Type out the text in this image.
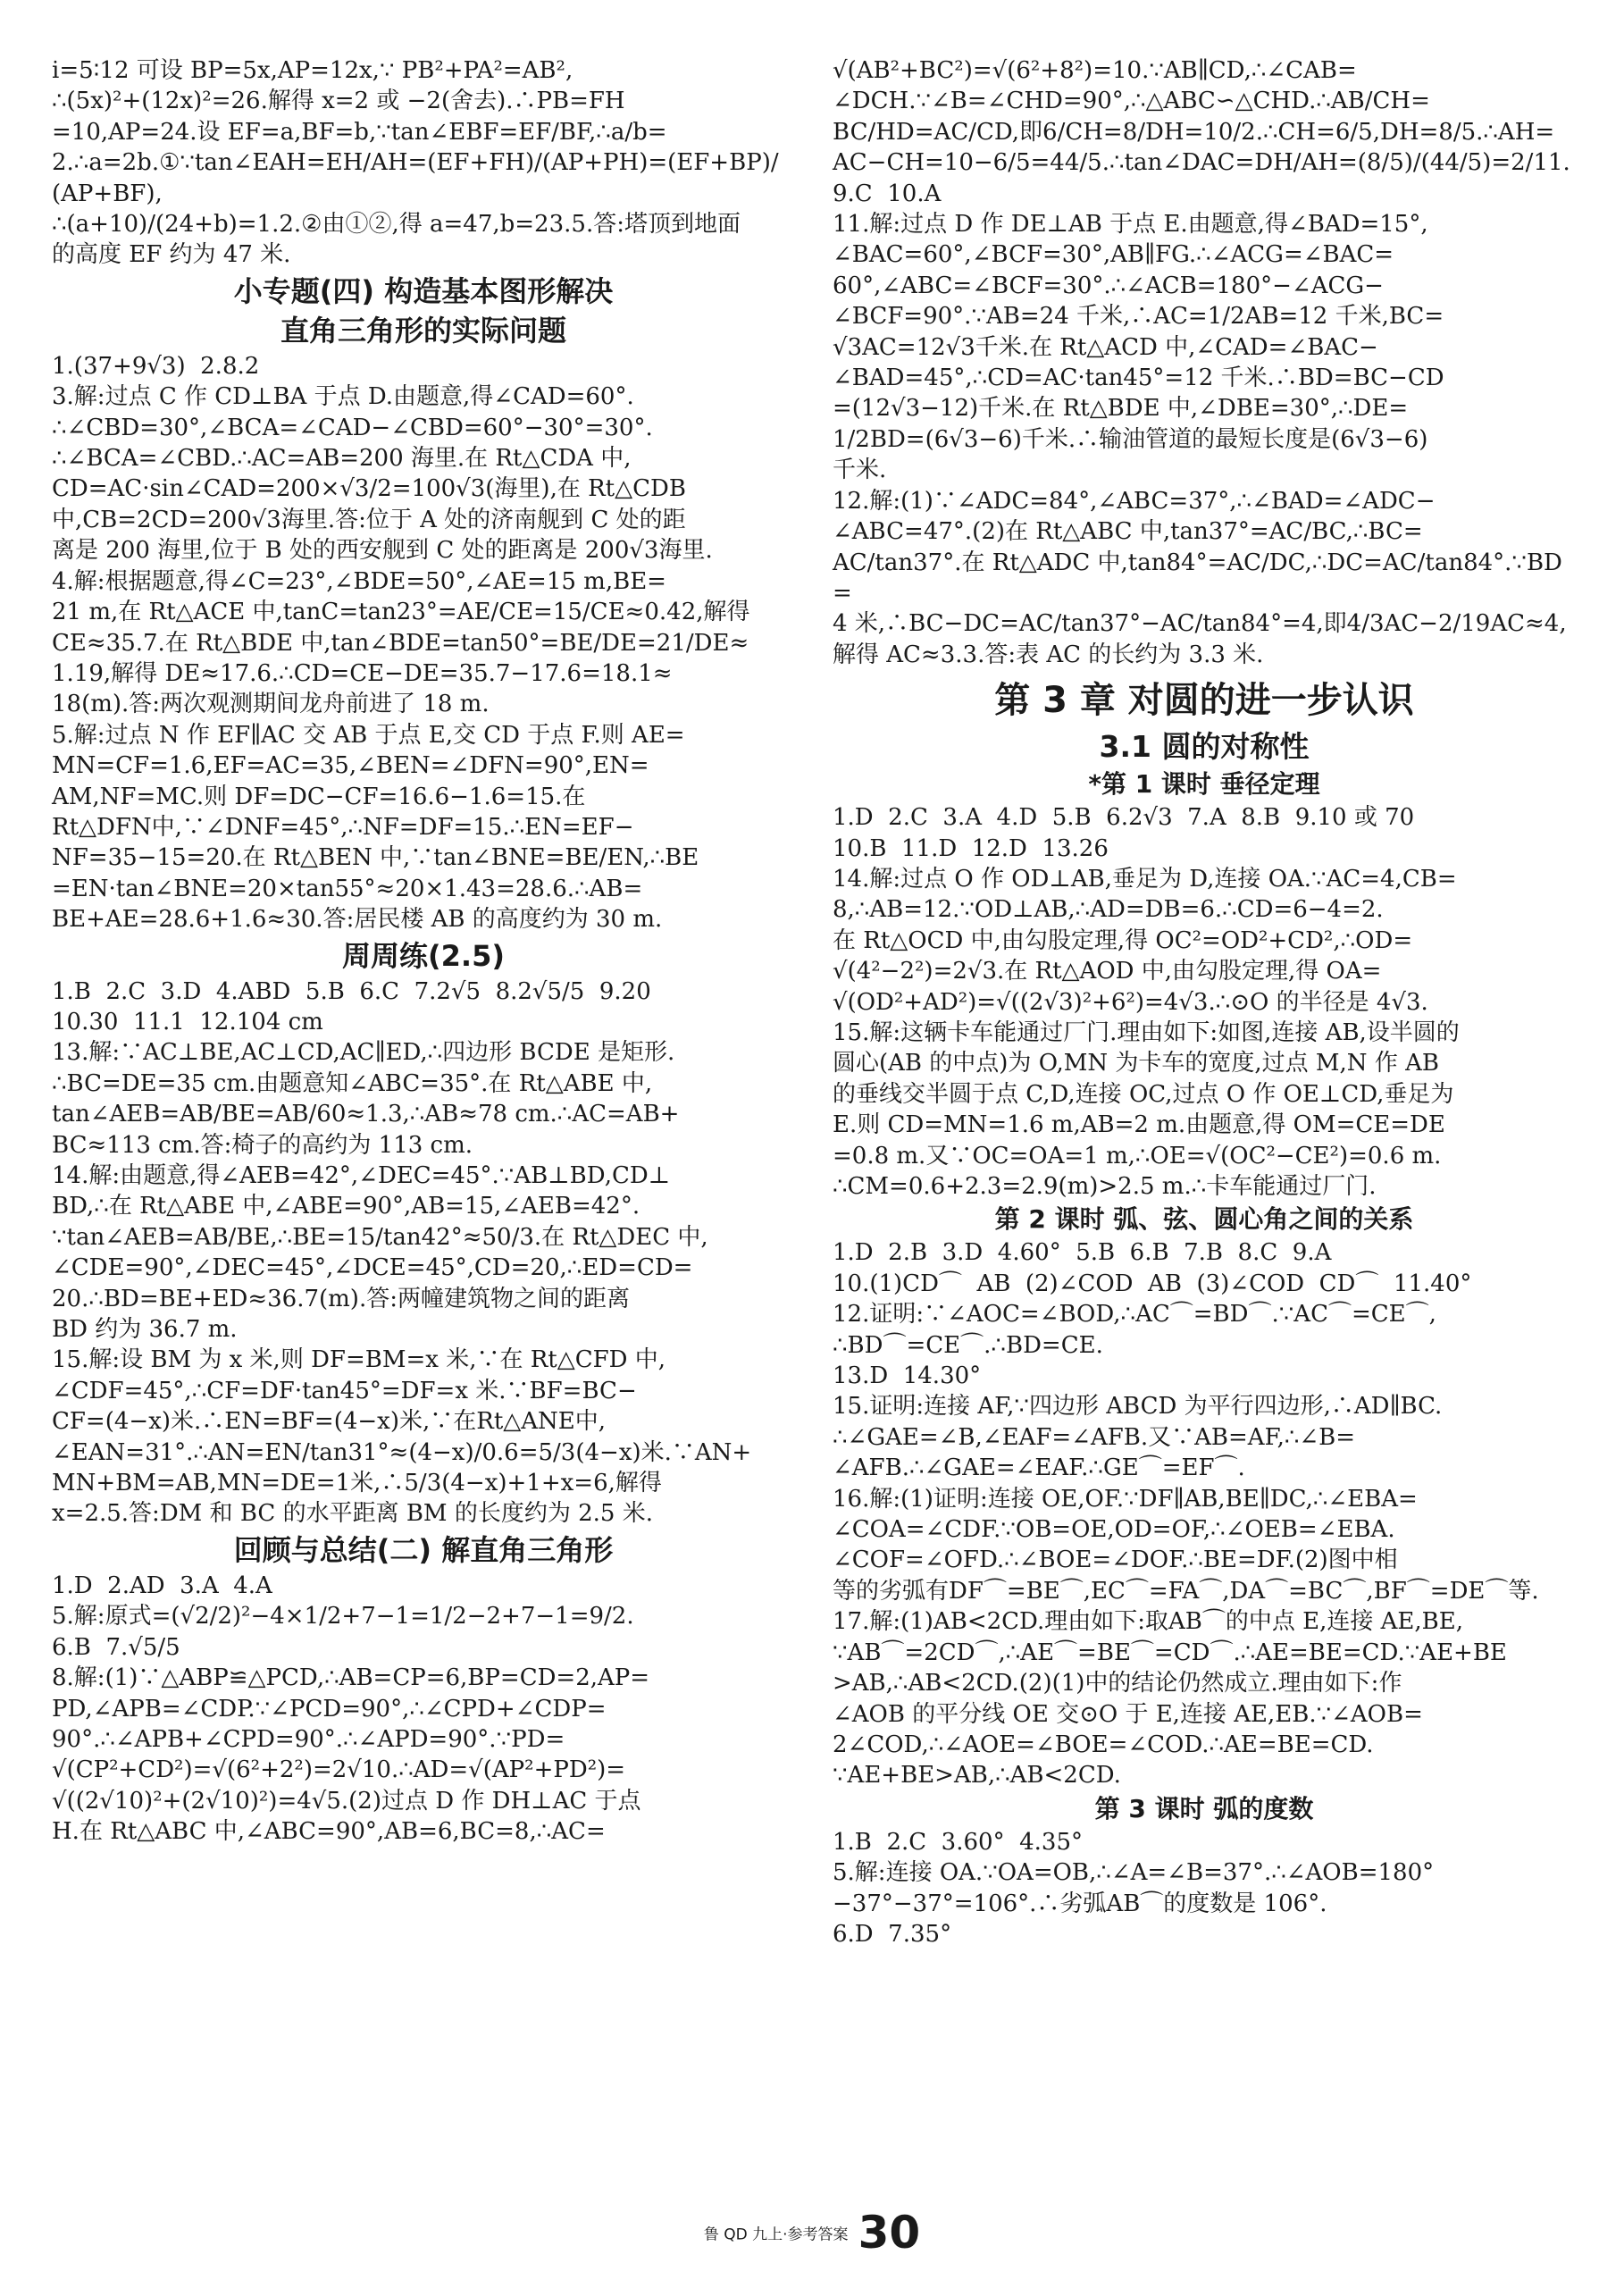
i=5∶12 可设 BP=5x,AP=12x,∵ PB²+PA²=AB²,
∴(5x)²+(12x)²=26.解得 x=2 或 −2(舍去).∴PB=FH
=10,AP=24.设 EF=a,BF=b,∵tan∠EBF=EF/BF,∴a/b=
2.∴a=2b.①∵tan∠EAH=EH/AH=(EF+FH)/(AP+PH)=(EF+BP)/(AP+BF),
∴(a+10)/(24+b)=1.2.②由①②,得 a=47,b=23.5.答:塔顶到地面
的高度 EF 约为 47 米.
小专题(四) 构造基本图形解决
直角三角形的实际问题
1.(37+9√3)  2.8.2
3.解:过点 C 作 CD⊥BA 于点 D.由题意,得∠CAD=60°.
∴∠CBD=30°,∠BCA=∠CAD−∠CBD=60°−30°=30°.
∴∠BCA=∠CBD.∴AC=AB=200 海里.在 Rt△CDA 中,
CD=AC·sin∠CAD=200×√3/2=100√3(海里),在 Rt△CDB
中,CB=2CD=200√3海里.答:位于 A 处的济南舰到 C 处的距
离是 200 海里,位于 B 处的西安舰到 C 处的距离是 200√3海里.
4.解:根据题意,得∠C=23°,∠BDE=50°,∠AE=15 m,BE=
21 m,在 Rt△ACE 中,tanC=tan23°=AE/CE=15/CE≈0.42,解得
CE≈35.7.在 Rt△BDE 中,tan∠BDE=tan50°=BE/DE=21/DE≈
1.19,解得 DE≈17.6.∴CD=CE−DE=35.7−17.6=18.1≈
18(m).答:两次观测期间龙舟前进了 18 m.
5.解:过点 N 作 EF∥AC 交 AB 于点 E,交 CD 于点 F.则 AE=
MN=CF=1.6,EF=AC=35,∠BEN=∠DFN=90°,EN=
AM,NF=MC.则 DF=DC−CF=16.6−1.6=15.在
Rt△DFN中,∵∠DNF=45°,∴NF=DF=15.∴EN=EF−
NF=35−15=20.在 Rt△BEN 中,∵tan∠BNE=BE/EN,∴BE
=EN·tan∠BNE=20×tan55°≈20×1.43=28.6.∴AB=
BE+AE=28.6+1.6≈30.答:居民楼 AB 的高度约为 30 m.
周周练(2.5)
1.B  2.C  3.D  4.ABD  5.B  6.C  7.2√5  8.2√5/5  9.20
10.30  11.1  12.104 cm
13.解:∵AC⊥BE,AC⊥CD,AC∥ED,∴四边形 BCDE 是矩形.
∴BC=DE=35 cm.由题意知∠ABC=35°.在 Rt△ABE 中,
tan∠AEB=AB/BE=AB/60≈1.3,∴AB≈78 cm.∴AC=AB+
BC≈113 cm.答:椅子的高约为 113 cm.
14.解:由题意,得∠AEB=42°,∠DEC=45°.∵AB⊥BD,CD⊥
BD,∴在 Rt△ABE 中,∠ABE=90°,AB=15,∠AEB=42°.
∵tan∠AEB=AB/BE,∴BE=15/tan42°≈50/3.在 Rt△DEC 中,
∠CDE=90°,∠DEC=45°,∠DCE=45°,CD=20,∴ED=CD=
20.∴BD=BE+ED≈36.7(m).答:两幢建筑物之间的距离
BD 约为 36.7 m.
15.解:设 BM 为 x 米,则 DF=BM=x 米,∵在 Rt△CFD 中,
∠CDF=45°,∴CF=DF·tan45°=DF=x 米.∵BF=BC−
CF=(4−x)米.∴EN=BF=(4−x)米,∵在Rt△ANE中,
∠EAN=31°.∴AN=EN/tan31°≈(4−x)/0.6=5/3(4−x)米.∵AN+
MN+BM=AB,MN=DE=1米,∴5/3(4−x)+1+x=6,解得
x=2.5.答:DM 和 BC 的水平距离 BM 的长度约为 2.5 米.
回顾与总结(二) 解直角三角形
1.D  2.AD  3.A  4.A
5.解:原式=(√2/2)²−4×1/2+7−1=1/2−2+7−1=9/2.
6.B  7.√5/5
8.解:(1)∵△ABP≌△PCD,∴AB=CP=6,BP=CD=2,AP=
PD,∠APB=∠CDP.∵∠PCD=90°,∴∠CPD+∠CDP=
90°.∴∠APB+∠CPD=90°.∴∠APD=90°.∵PD=
√(CP²+CD²)=√(6²+2²)=2√10.∴AD=√(AP²+PD²)=
√((2√10)²+(2√10)²)=4√5.(2)过点 D 作 DH⊥AC 于点
H.在 Rt△ABC 中,∠ABC=90°,AB=6,BC=8,∴AC=
√(AB²+BC²)=√(6²+8²)=10.∵AB∥CD,∴∠CAB=
∠DCH.∵∠B=∠CHD=90°,∴△ABC∽△CHD.∴AB/CH=
BC/HD=AC/CD,即6/CH=8/DH=10/2.∴CH=6/5,DH=8/5.∴AH=
AC−CH=10−6/5=44/5.∴tan∠DAC=DH/AH=(8/5)/(44/5)=2/11.
9.C  10.A
11.解:过点 D 作 DE⊥AB 于点 E.由题意,得∠BAD=15°,
∠BAC=60°,∠BCF=30°,AB∥FG.∴∠ACG=∠BAC=
60°,∠ABC=∠BCF=30°.∴∠ACB=180°−∠ACG−
∠BCF=90°.∵AB=24 千米,∴AC=1/2AB=12 千米,BC=
√3AC=12√3千米.在 Rt△ACD 中,∠CAD=∠BAC−
∠BAD=45°,∴CD=AC·tan45°=12 千米.∴BD=BC−CD
=(12√3−12)千米.在 Rt△BDE 中,∠DBE=30°,∴DE=
1/2BD=(6√3−6)千米.∴输油管道的最短长度是(6√3−6)
千米.
12.解:(1)∵∠ADC=84°,∠ABC=37°,∴∠BAD=∠ADC−
∠ABC=47°.(2)在 Rt△ABC 中,tan37°=AC/BC,∴BC=
AC/tan37°.在 Rt△ADC 中,tan84°=AC/DC,∴DC=AC/tan84°.∵BD=
4 米,∴BC−DC=AC/tan37°−AC/tan84°=4,即4/3AC−2/19AC≈4,
解得 AC≈3.3.答:表 AC 的长约为 3.3 米.
第 3 章 对圆的进一步认识
3.1 圆的对称性
*第 1 课时 垂径定理
1.D  2.C  3.A  4.D  5.B  6.2√3  7.A  8.B  9.10 或 70
10.B  11.D  12.D  13.26
14.解:过点 O 作 OD⊥AB,垂足为 D,连接 OA.∵AC=4,CB=
8,∴AB=12.∵OD⊥AB,∴AD=DB=6.∴CD=6−4=2.
在 Rt△OCD 中,由勾股定理,得 OC²=OD²+CD²,∴OD=
√(4²−2²)=2√3.在 Rt△AOD 中,由勾股定理,得 OA=
√(OD²+AD²)=√((2√3)²+6²)=4√3.∴⊙O 的半径是 4√3.
15.解:这辆卡车能通过厂门.理由如下:如图,连接 AB,设半圆的
圆心(AB 的中点)为 O,MN 为卡车的宽度,过点 M,N 作 AB
的垂线交半圆于点 C,D,连接 OC,过点 O 作 OE⊥CD,垂足为
E.则 CD=MN=1.6 m,AB=2 m.由题意,得 OM=CE=DE
=0.8 m.又∵OC=OA=1 m,∴OE=√(OC²−CE²)=0.6 m.
∴CM=0.6+2.3=2.9(m)>2.5 m.∴卡车能通过厂门.
第 2 课时 弧、弦、圆心角之间的关系
1.D  2.B  3.D  4.60°  5.B  6.B  7.B  8.C  9.A
10.(1)CD⌒  AB  (2)∠COD  AB  (3)∠COD  CD⌒  11.40°
12.证明:∵∠AOC=∠BOD,∴AC⌒=BD⌒.∵AC⌒=CE⌒,
∴BD⌒=CE⌒.∴BD=CE.
13.D  14.30°
15.证明:连接 AF,∵四边形 ABCD 为平行四边形,∴AD∥BC.
∴∠GAE=∠B,∠EAF=∠AFB.又∵AB=AF,∴∠B=
∠AFB.∴∠GAE=∠EAF.∴GE⌒=EF⌒.
16.解:(1)证明:连接 OE,OF.∵DF∥AB,BE∥DC,∴∠EBA=
∠COA=∠CDF.∵OB=OE,OD=OF,∴∠OEB=∠EBA.
∠COF=∠OFD.∴∠BOE=∠DOF.∴BE=DF.(2)图中相
等的劣弧有DF⌒=BE⌒,EC⌒=FA⌒,DA⌒=BC⌒,BF⌒=DE⌒等.
17.解:(1)AB<2CD.理由如下:取AB⌒的中点 E,连接 AE,BE,
∵AB⌒=2CD⌒,∴AE⌒=BE⌒=CD⌒.∴AE=BE=CD.∵AE+BE
>AB,∴AB<2CD.(2)(1)中的结论仍然成立.理由如下:作
∠AOB 的平分线 OE 交⊙O 于 E,连接 AE,EB.∵∠AOB=
2∠COD,∴∠AOE=∠BOE=∠COD.∴AE=BE=CD.
∵AE+BE>AB,∴AB<2CD.
第 3 课时 弧的度数
1.B  2.C  3.60°  4.35°
5.解:连接 OA.∵OA=OB,∴∠A=∠B=37°.∴∠AOB=180°
−37°−37°=106°.∴劣弧AB⌒的度数是 106°.
6.D  7.35°
鲁 QD 九上·参考答案 30
